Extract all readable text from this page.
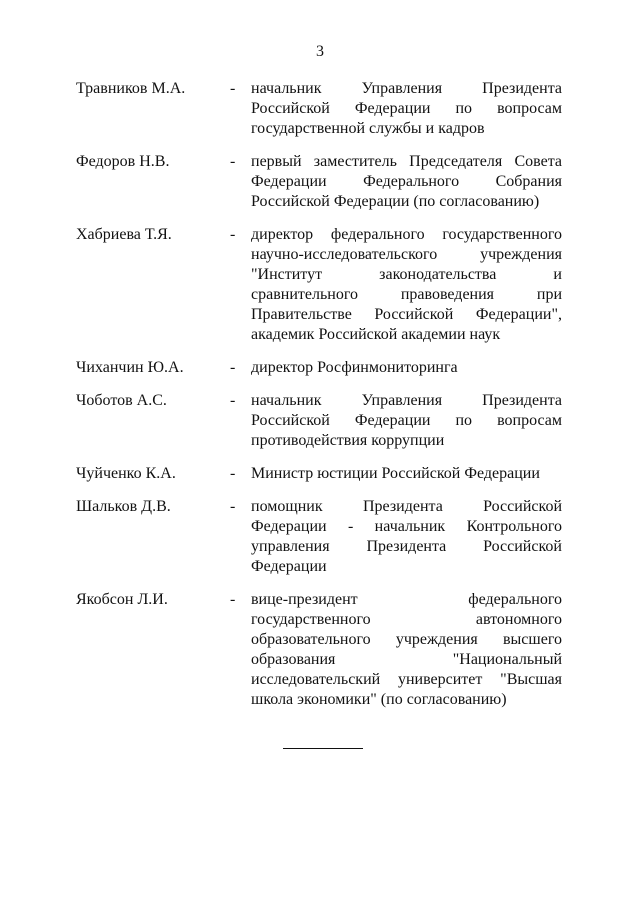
3
Травников М.А.	- начальник Управления Президента
Российской Федерации по вопросам
государственной службы и кадров
Федоров Н.В.	- первый заместитель Председателя Совета
Федерации Федерального Собрания
Российской Федерации (по согласованию)
Хабриева Т.Я.	- директор федерального государственного
научно-исследовательского учреждения
"Институт законодательства и
сравнительного правоведения при
Правительстве Российской Федерации",
академик Российской академии наук
Чиханчин Ю.А.	- директор Росфинмониторинга
Чоботов А.С.	- начальник Управления Президента
Российской Федерации по вопросам
противодействия коррупции
Чуйченко К.А.	- Министр юстиции Российской Федерации
Шальков Д.В.	- помощник Президента Российской
Федерации - начальник Контрольного
управления Президента Российской
Федерации
Якобсон Л.И.	- вице-президент федерального
государственного автономного
образовательного учреждения высшего
образования "Национальный
исследовательский университет "Высшая
школа экономики" (по согласованию)
